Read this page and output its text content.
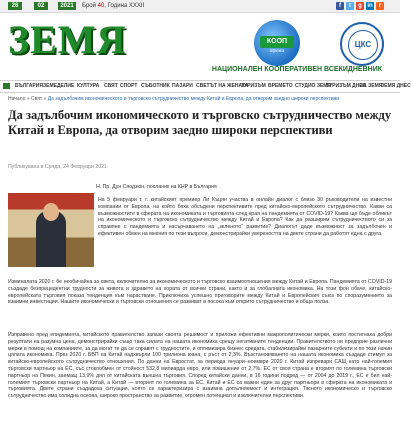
26	02	2021	Брой 40, Година XXXII	f	t	g in	r
ЗЕМЯ	КООП
Мрежа
ЦКС
НАЦИОНАЛЕН КООПЕРАТИВЕН ВСЕКИДНЕВНИК
БЪЛГАРИЯ ЗЕМЕДЕЛИЕ КУЛТУРА СВЯТ СПОРТ СЪБОТНИК ПАЗАРИ СВЕТЪТ НА ЖЕНАТА
ТУРИЗЪМ ВРЕМЕТО СТУДИО ЗЕМЯ
ТУРИЗЪМ ДНЕС
ЗА ЗЕМЯ
ЗЕМЯ ДНЕС
Начало » Свят » Да задълбочим икономическото и търговско сътрудничество между Китай и Европа, да отворим заедно широки перспективи
Да задълбочим икономическото и търговско сътрудничество между Китай и Европа, да отворим заедно широки перспективи
Публикувана в Сряда, 24 Февруари 2021
Н. Пр. Дун Сяодзюн, посланик на КНР в България
На 5 февруари т. г. китайският премиер Ли Къцян участва в онлайн диалог с близо 30 ръководители на известни компании от Европа, на който бяха обсъдени перспективите пред китайско-европейското сътрудничество. Какви са възможностите в сферата на икономиката и търговията след края на пандемията от COVID-19? Каква ще бъде обликът на икономическото и търговско сътрудничество между Китай и Европа? Как да разширим сътрудничеството си за справяне с пандемията и насърчаването на „зеленото“ развитие? Диалогът даде възможност за задълбочен и ефективен обмен на мнения по тези въпроси, демонстрирайки увереността на двете страни да работят една с друга.
Изминалата 2020 г. бе необичайна за света, включително за икономическото и търговско взаимоотношения между Китай и Европа. Пандемията от COVID-19 създаде безпрецедентни трудности за живота и здравето на хората от всички страни, както и за глобалната икономика. На този фон обаче, китайско-европейската търговия показа тенденция към нарастване. Приключиха успешно преговорите между Китай и Европейския съюз по споразумението за взаимни инвестиции. Нашите икономически и търговски отношения се развиват в посока към открито сътрудничество и обща полза.
Изправено пред епидемията, китайското правителство запази своята решимост и приложи ефективни макрополитически мерки, които постигнаха добри резултати на разумна цена, демонстрирайки също така силата на нашата икономика срещу негативните тенденции. Правителството ни предприе различни мерки в помощ на компаниите, за да могат те да се справят с трудностите, и оптимизира бизнес средата, стабилизирайки пазарните субекти и по този начин цялата икономика. През 2020 г. БВП на Китай надхвърли 100 трилиона юана, с ръст от 2,3%. Възстановяването на нашата икономика създаде стимул за китайско-европейското сътрудничество отношения. По данни на Евростат, за периода януари–ноември 2020 г. Китай изпревари САЩ като най-големия търговски партньор на ЕС, със стокообмен от стойност 532,8 милиарда евро, или повишение от 2,7%. ЕС от своя страна е вторият по големина търговски партньор на Пекин, заемащ 13,9% дял от китайската външна търговия. Според китайски данни, в 16 години подред — от 2004 до 2019 г., ЕС е бил най-големият търговски партньор на Китай, а Китай — вторият по големина за ЕС. Китай и ЕС са важни един за друг партньори в сферата на икономиката и търговията. Двете страни създадоха ситуация, която се характеризира с взаимна допълняемост и интеграция. Тясното икономическо и търговско сътрудничество има солидна основа, широко пространство за развитие, огромен потенциал и изключителни перспективи.
